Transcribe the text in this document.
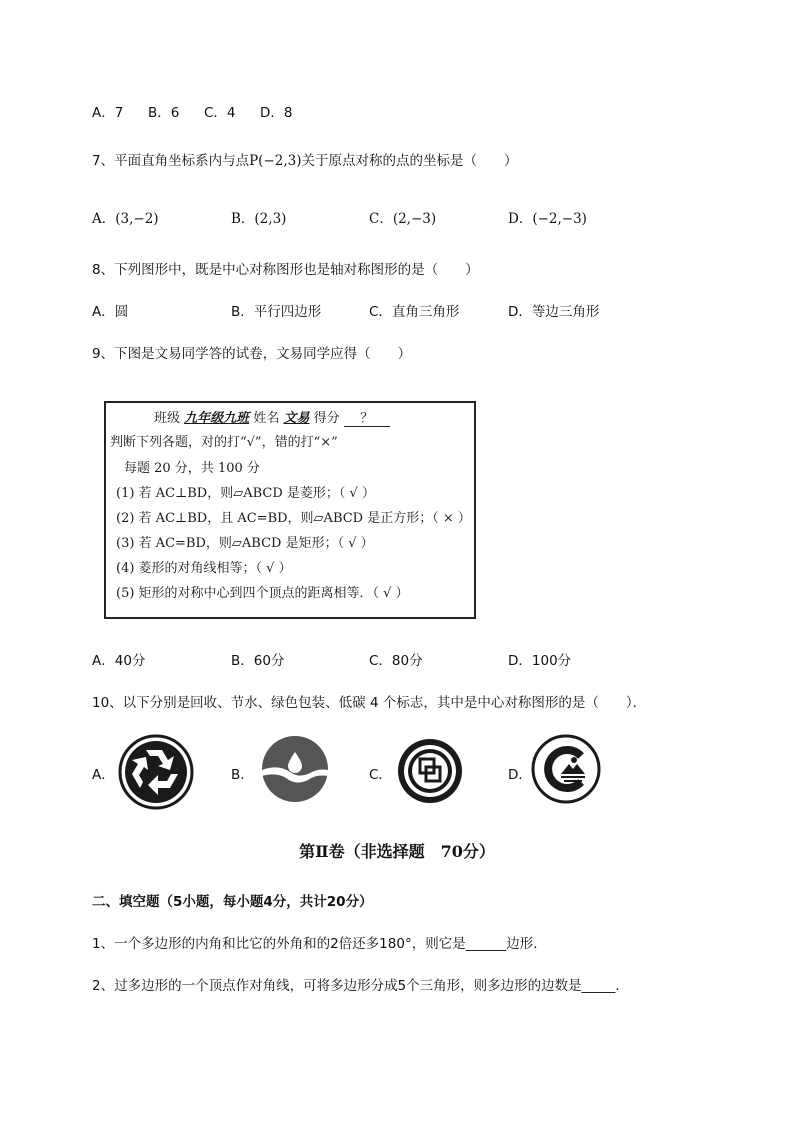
A．7 B．6 C．4 D．8
7、平面直角坐标系内与点P(−2,3)关于原点对称的点的坐标是（　　）
A．(3,−2)	B．(2,3)	C．(2,−3)	D．(−2,−3)
8、下列图形中，既是中心对称图形也是轴对称图形的是（　　）
A．圆	B．平行四边形	C．直角三角形	D．等边三角形
9、下图是文易同学答的试卷，文易同学应得（　　）
班级 九年级九班 姓名 文易 得分 ？
判断下列各题，对的打“√”，错的打“×”
每题 20 分，共 100 分
(1) 若 AC⊥BD，则▱ABCD 是菱形；（ √ ）
(2) 若 AC⊥BD，且 AC=BD，则▱ABCD 是正方形；（ × ）
(3) 若 AC=BD，则▱ABCD 是矩形；（ √ ）
(4) 菱形的对角线相等；（ √ ）
(5) 矩形的对称中心到四个顶点的距离相等．（ √ ）
A．40分	B．60分	C．80分	D．100分
10、以下分别是回收、节水、绿色包装、低碳 4 个标志，其中是中心对称图形的是（　　）．
A．	B．	C．	D．
第Ⅱ卷（非选择题　70分）
二、填空题（5小题，每小题4分，共计20分）
1、一个多边形的内角和比它的外角和的2倍还多180°，则它是______边形．
2、过多边形的一个顶点作对角线，可将多边形分成5个三角形，则多边形的边数是_____．
